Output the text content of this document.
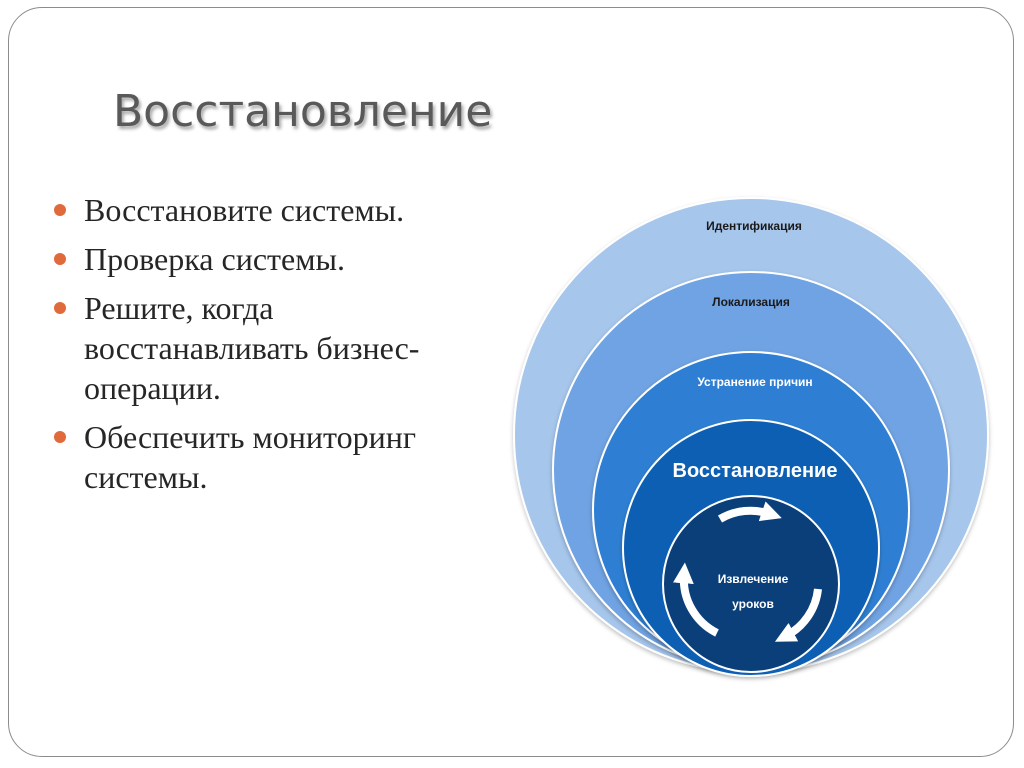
Восстановление
Восстановите системы.
Проверка системы.
Решите, когда восстанавливать бизнес-операции.
Обеспечить мониторинг системы.
Идентификация
Локализация
Устранение причин
Восстановление
Извлечение
уроков
